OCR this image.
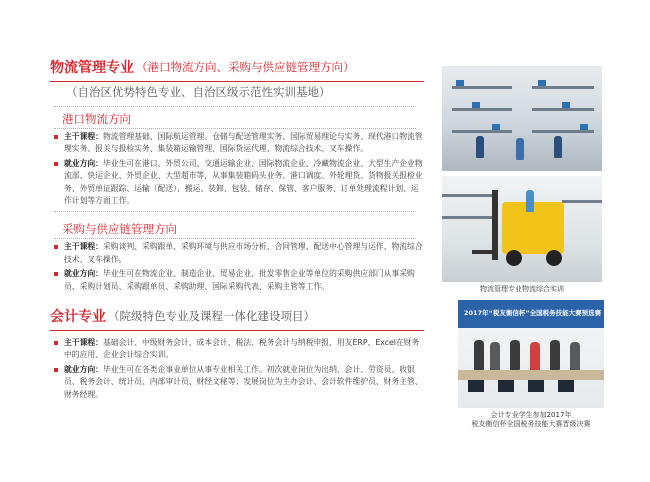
物流管理专业 （港口物流方向、采购与供应链管理方向）
（自治区优势特色专业、自治区级示范性实训基地）
港口物流方向
主干课程：物流管理基础、国际航运管理、仓储与配送管理实务、国际贸易理论与实务、现代港口物流管理实务、报关与报检实务、集装箱运输管理、国际货运代理、物流综合技术、叉车操作。
就业方向：毕业生可在港口、外贸公司、交通运输企业、国际物流企业、冷藏物流企业、大型生产企业物流部、快运企业、外贸企业、大型超市等，从事集装箱码头业务、港口调度、外轮理货、货物报关报检业务、外贸单证跟踪、运输（配送）、搬运、装卸、包装、储存、保管、客户服务、订单处理流程计划、运作计划等方面工作。
采购与供应链管理方向
主干课程：采购谈判、采购跟单、采购环境与供应市场分析、合同管理、配送中心管理与运作、物流综合技术、叉车操作。
就业方向：毕业生可在物流企业、制造企业、贸易企业、批发零售企业等单位的采购供应部门从事采购员、采购计划员、采购跟单员、采购助理、国际采购代表、采购主管等工作。
会计专业 （院级特色专业及课程一体化建设项目）
主干课程：基础会计、中级财务会计、成本会计、税法、税务会计与纳税申报、用友ERP、Excel在财务中的应用、企业会计综合实训。
就业方向：毕业生可在各类企事业单位从事专业相关工作。初次就业岗位为出纳、会计、劳资员、收银员、税务会计、统计员、内部审计员、财经文秘等；发展岗位为主办会计、会计软件维护员、财务主管、财务经理。
物流管理专业物流综合实训
2017年“税友衡信杯”全国税务技能大赛预选赛
会计专业学生参加2017年
税友衡信杯全国税务技能大赛晋级决赛
